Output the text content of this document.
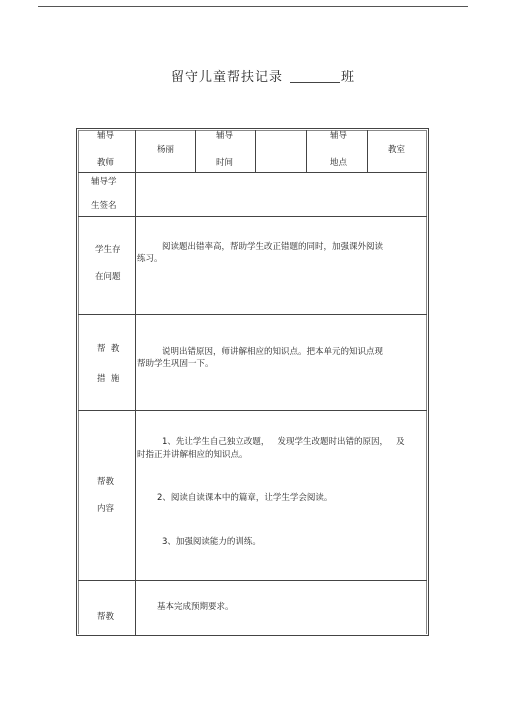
留守儿童帮扶记录	班
辅导
教师
杨丽
辅导
时间
辅导
地点
教室
辅导学
生签名
学生存
在问题
阅读题出错率高，帮助学生改正错题的同时，加强课外阅读
练习。
帮  教
措  施
说明出错原因，师讲解相应的知识点。把本单元的知识点现
帮助学生巩固一下。
帮教
内容
1、先让学生自己独立改题，   发现学生改题时出错的原因，   及
时指正并讲解相应的知识点。
2、阅读自读课本中的篇章，让学生学会阅读。
3、加强阅读能力的训练。
帮教
基本完成预期要求。
